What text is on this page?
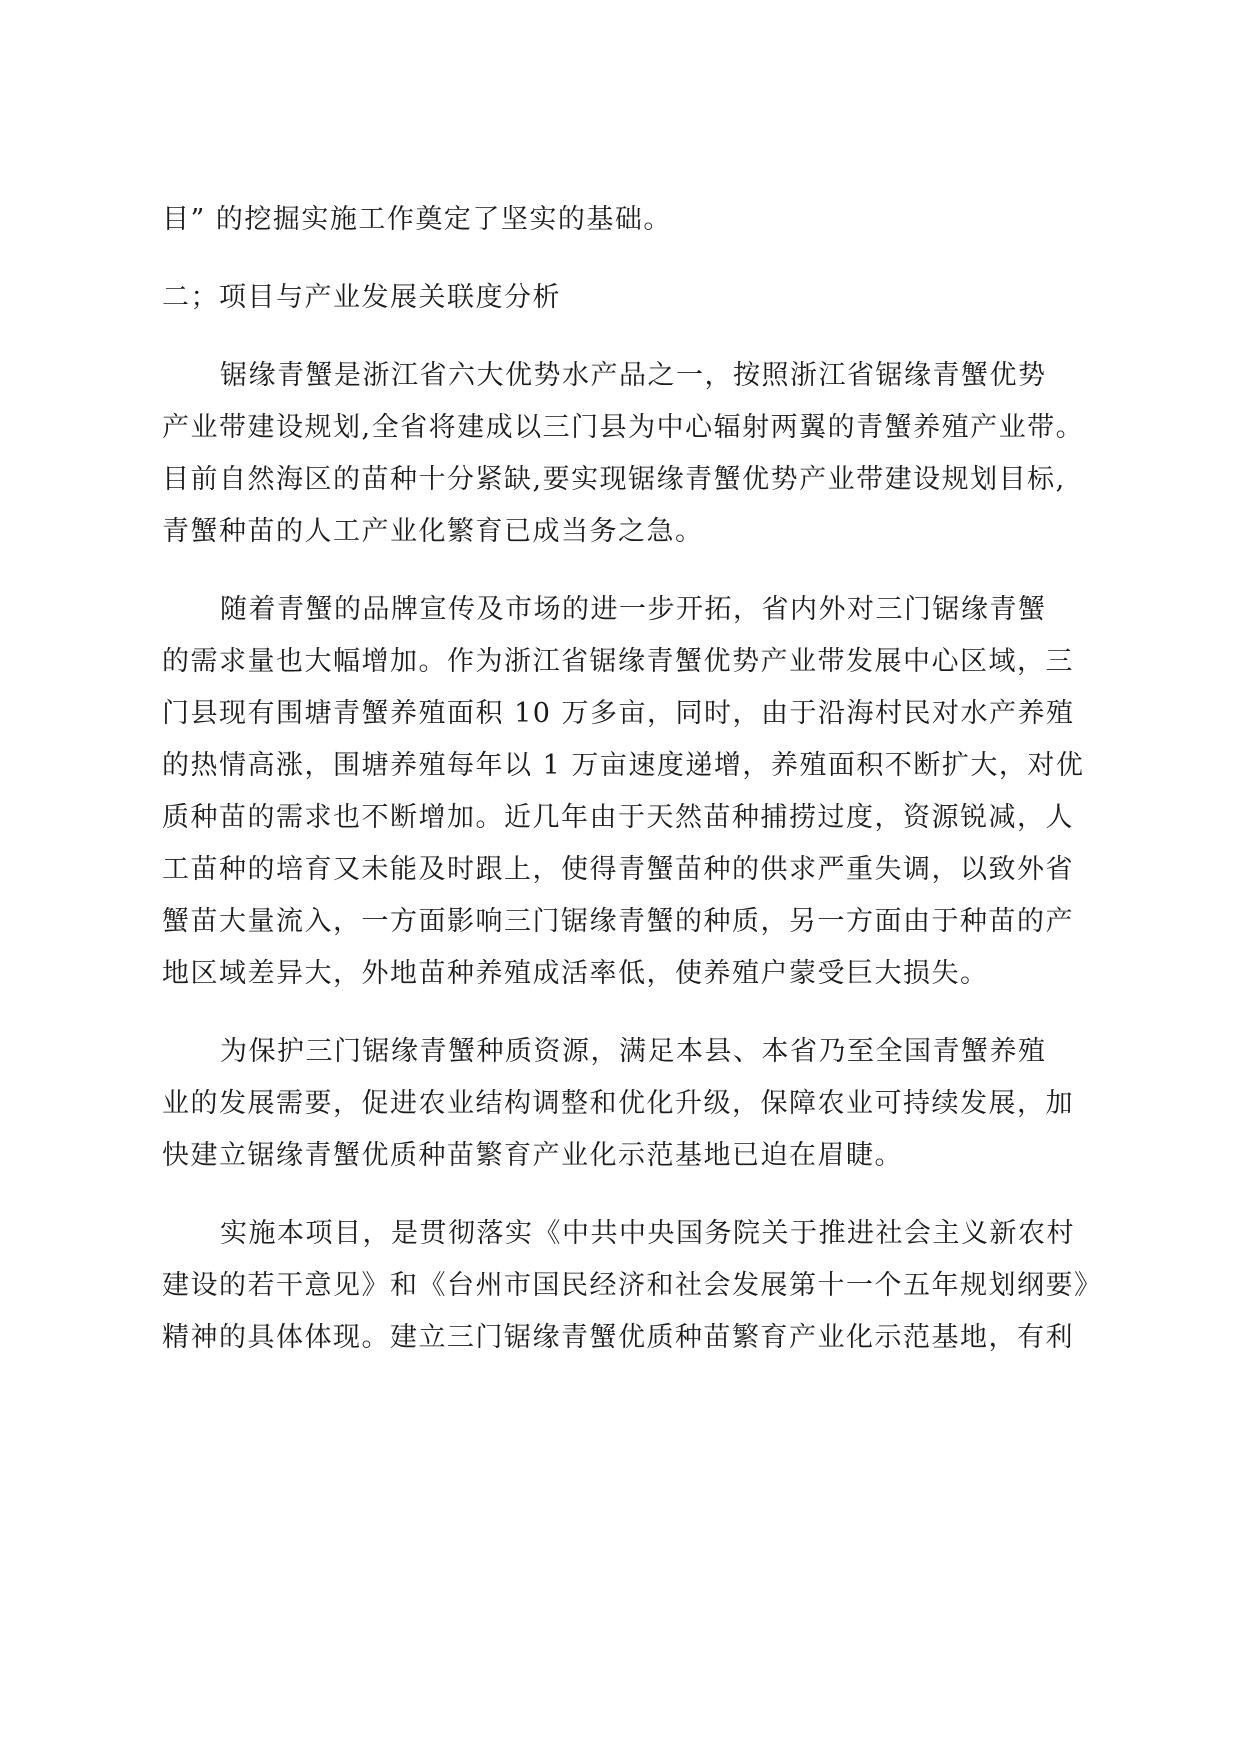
目” 的挖掘实施工作奠定了坚实的基础。
二；项目与产业发展关联度分析
锯缘青蟹是浙江省六大优势水产品之一，按照浙江省锯缘青蟹优势
产业带建设规划,全省将建成以三门县为中心辐射两翼的青蟹养殖产业带。
目前自然海区的苗种十分紧缺,要实现锯缘青蟹优势产业带建设规划目标,
青蟹种苗的人工产业化繁育已成当务之急。
随着青蟹的品牌宣传及市场的进一步开拓，省内外对三门锯缘青蟹
的需求量也大幅增加。作为浙江省锯缘青蟹优势产业带发展中心区域，三
门县现有围塘青蟹养殖面积 10 万多亩，同时，由于沿海村民对水产养殖
的热情高涨，围塘养殖每年以 1 万亩速度递增，养殖面积不断扩大，对优
质种苗的需求也不断增加。近几年由于天然苗种捕捞过度，资源锐减，人
工苗种的培育又未能及时跟上，使得青蟹苗种的供求严重失调，以致外省
蟹苗大量流入，一方面影响三门锯缘青蟹的种质，另一方面由于种苗的产
地区域差异大，外地苗种养殖成活率低，使养殖户蒙受巨大损失。
为保护三门锯缘青蟹种质资源，满足本县、本省乃至全国青蟹养殖
业的发展需要，促进农业结构调整和优化升级，保障农业可持续发展，加
快建立锯缘青蟹优质种苗繁育产业化示范基地已迫在眉睫。
实施本项目，是贯彻落实《中共中央国务院关于推进社会主义新农村
建设的若干意见》和《台州市国民经济和社会发展第十一个五年规划纲要》
精神的具体体现。建立三门锯缘青蟹优质种苗繁育产业化示范基地，有利
